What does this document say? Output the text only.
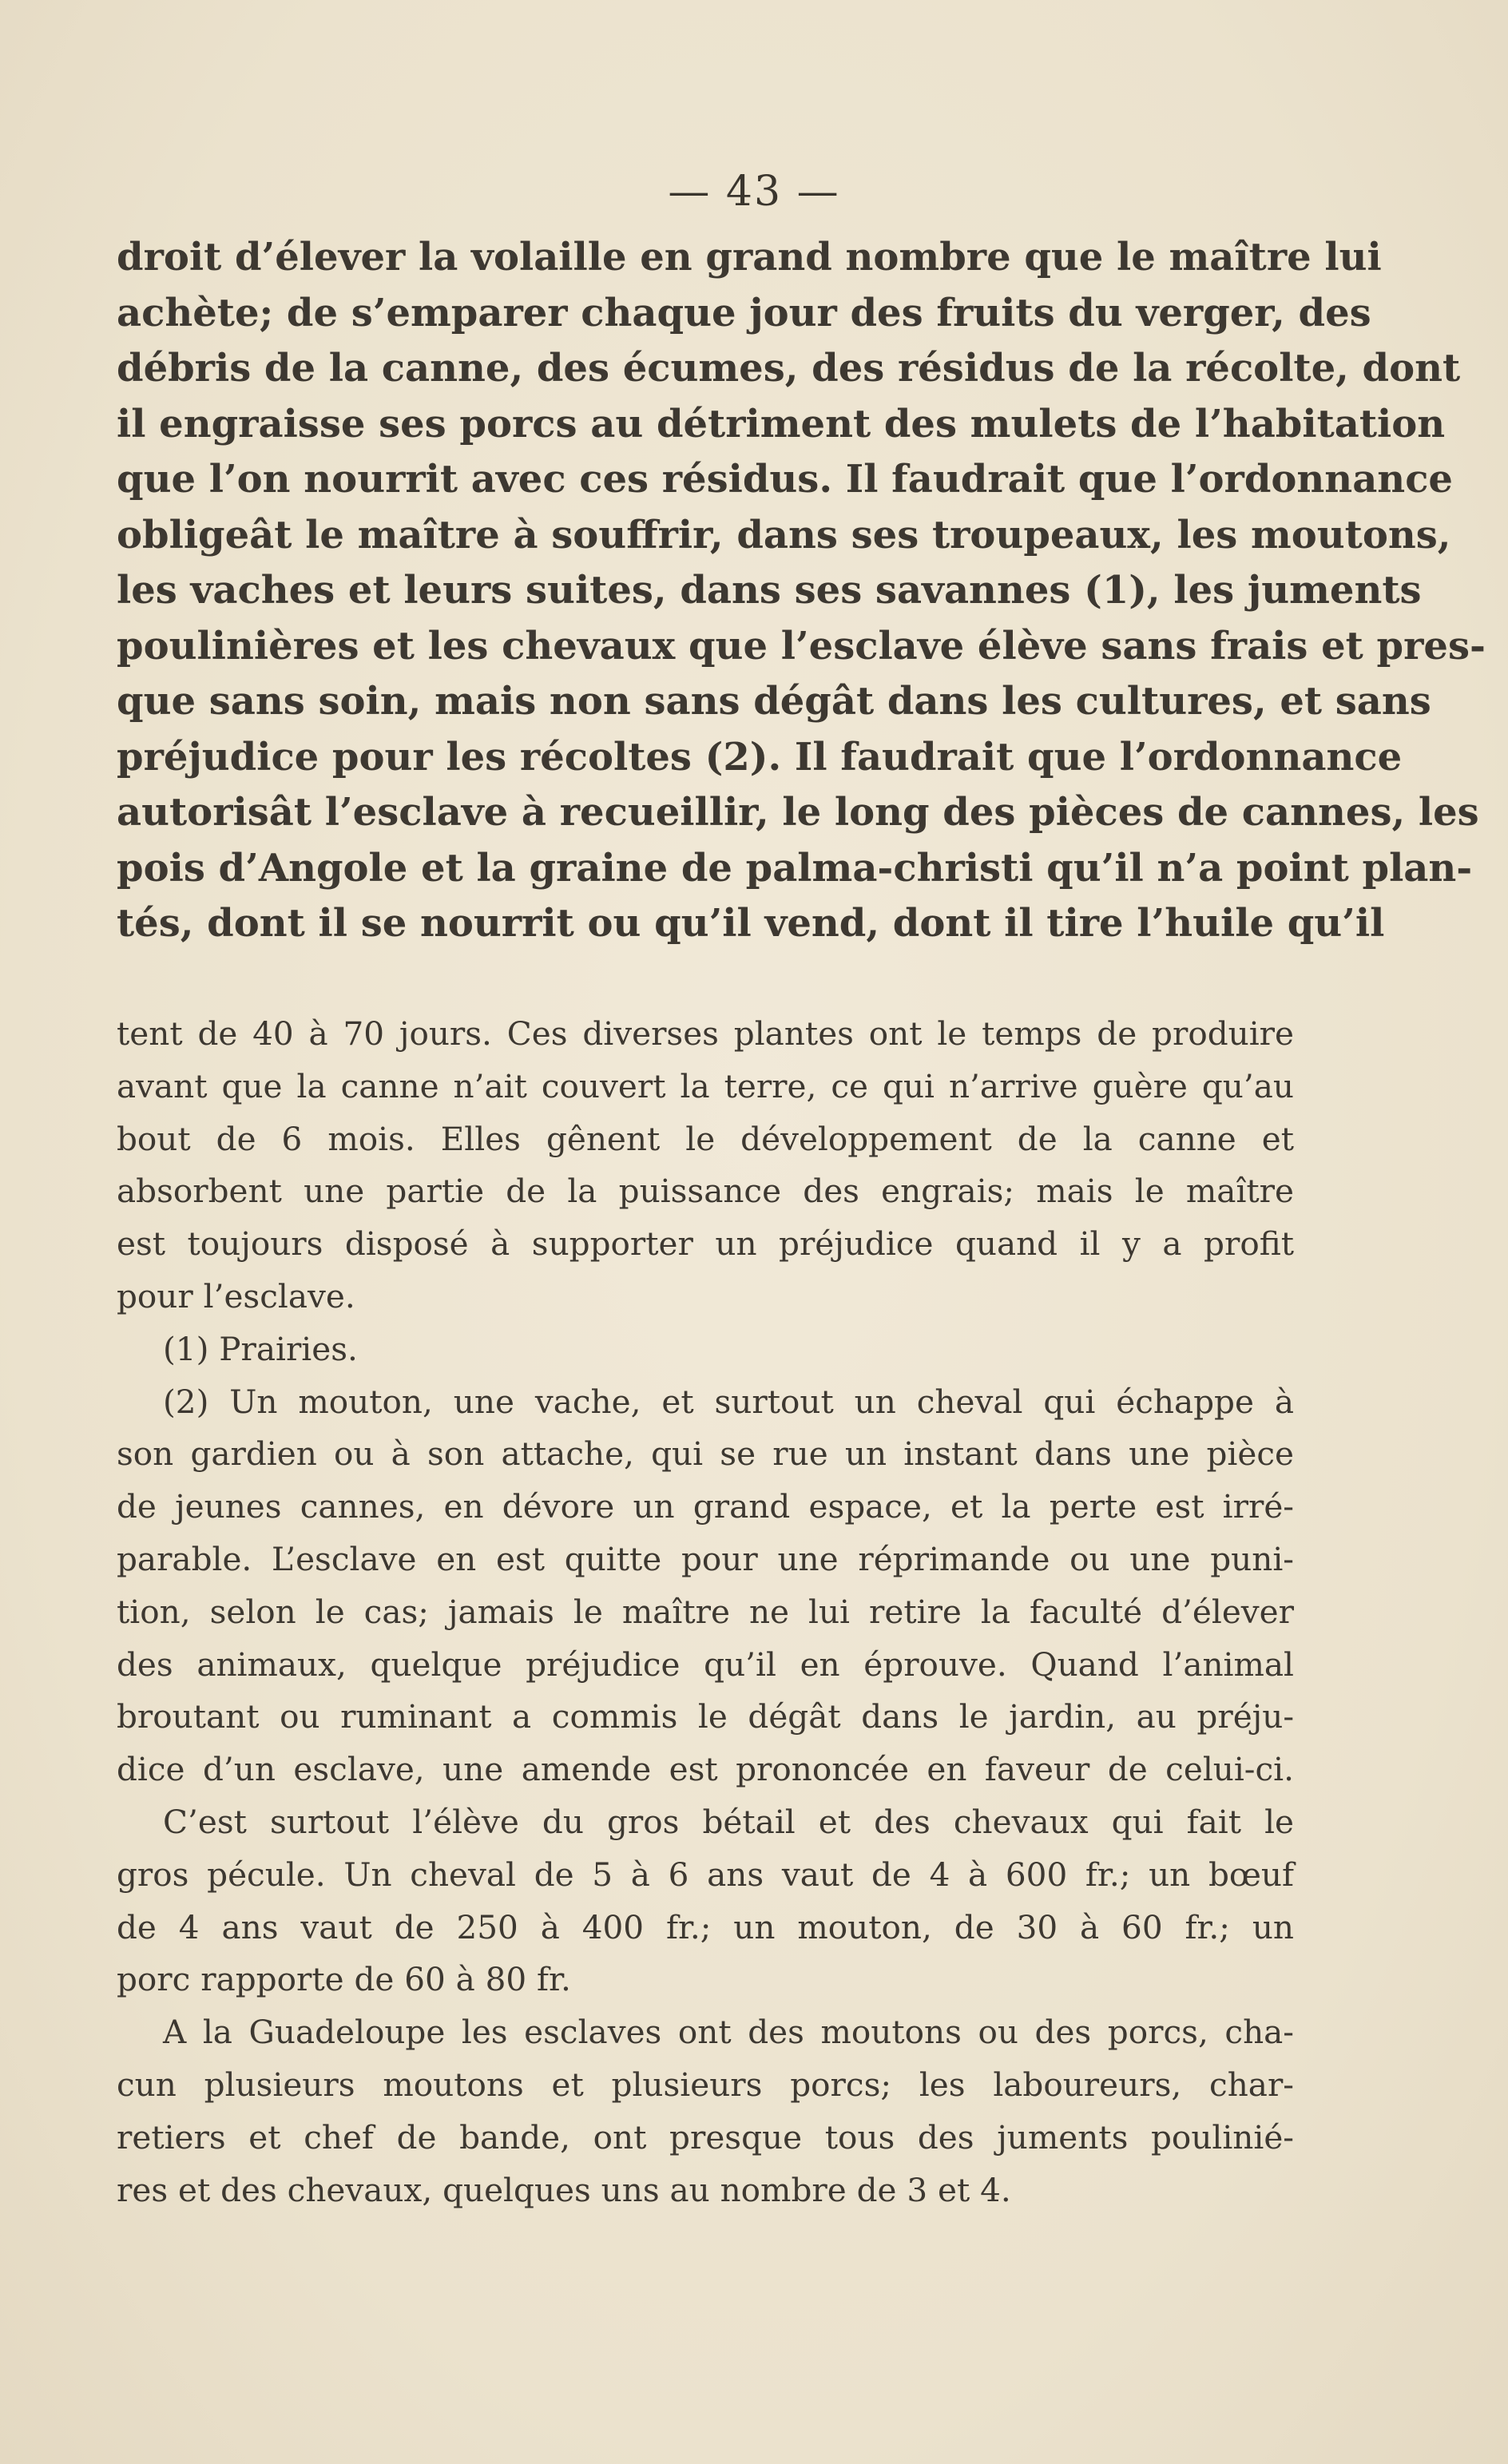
— 43 —
droit d’élever la volaille en grand nombre que le maître lui
achète; de s’emparer chaque jour des fruits du verger, des
débris de la canne, des écumes, des résidus de la récolte, dont
il engraisse ses porcs au détriment des mulets de l’habitation
que l’on nourrit avec ces résidus. Il faudrait que l’ordonnance
obligeât le maître à souffrir, dans ses troupeaux, les moutons,
les vaches et leurs suites, dans ses savannes (1), les juments
poulinières et les chevaux que l’esclave élève sans frais et pres-
que sans soin, mais non sans dégât dans les cultures, et sans
préjudice pour les récoltes (2). Il faudrait que l’ordonnance
autorisât l’esclave à recueillir, le long des pièces de cannes, les
pois d’Angole et la graine de palma-christi qu’il n’a point plan-
tés, dont il se nourrit ou qu’il vend, dont il tire l’huile qu’il
tent de 40 à 70 jours. Ces diverses plantes ont le temps de produire
avant que la canne n’ait couvert la terre, ce qui n’arrive guère qu’au
bout de 6 mois. Elles gênent le développement de la canne et
absorbent une partie de la puissance des engrais; mais le maître
est toujours disposé à supporter un préjudice quand il y a profit
pour l’esclave.
(1) Prairies.
(2) Un mouton, une vache, et surtout un cheval qui échappe à
son gardien ou à son attache, qui se rue un instant dans une pièce
de jeunes cannes, en dévore un grand espace, et la perte est irré-
parable. L’esclave en est quitte pour une réprimande ou une puni-
tion, selon le cas; jamais le maître ne lui retire la faculté d’élever
des animaux, quelque préjudice qu’il en éprouve. Quand l’animal
broutant ou ruminant a commis le dégât dans le jardin, au préju-
dice d’un esclave, une amende est prononcée en faveur de celui-ci.
C’est surtout l’élève du gros bétail et des chevaux qui fait le
gros pécule. Un cheval de 5 à 6 ans vaut de 4 à 600 fr.; un bœuf
de 4 ans vaut de 250 à 400 fr.; un mouton, de 30 à 60 fr.; un
porc rapporte de 60 à 80 fr.
A la Guadeloupe les esclaves ont des moutons ou des porcs, cha-
cun plusieurs moutons et plusieurs porcs; les laboureurs, char-
retiers et chef de bande, ont presque tous des juments poulinié-
res et des chevaux, quelques uns au nombre de 3 et 4.
